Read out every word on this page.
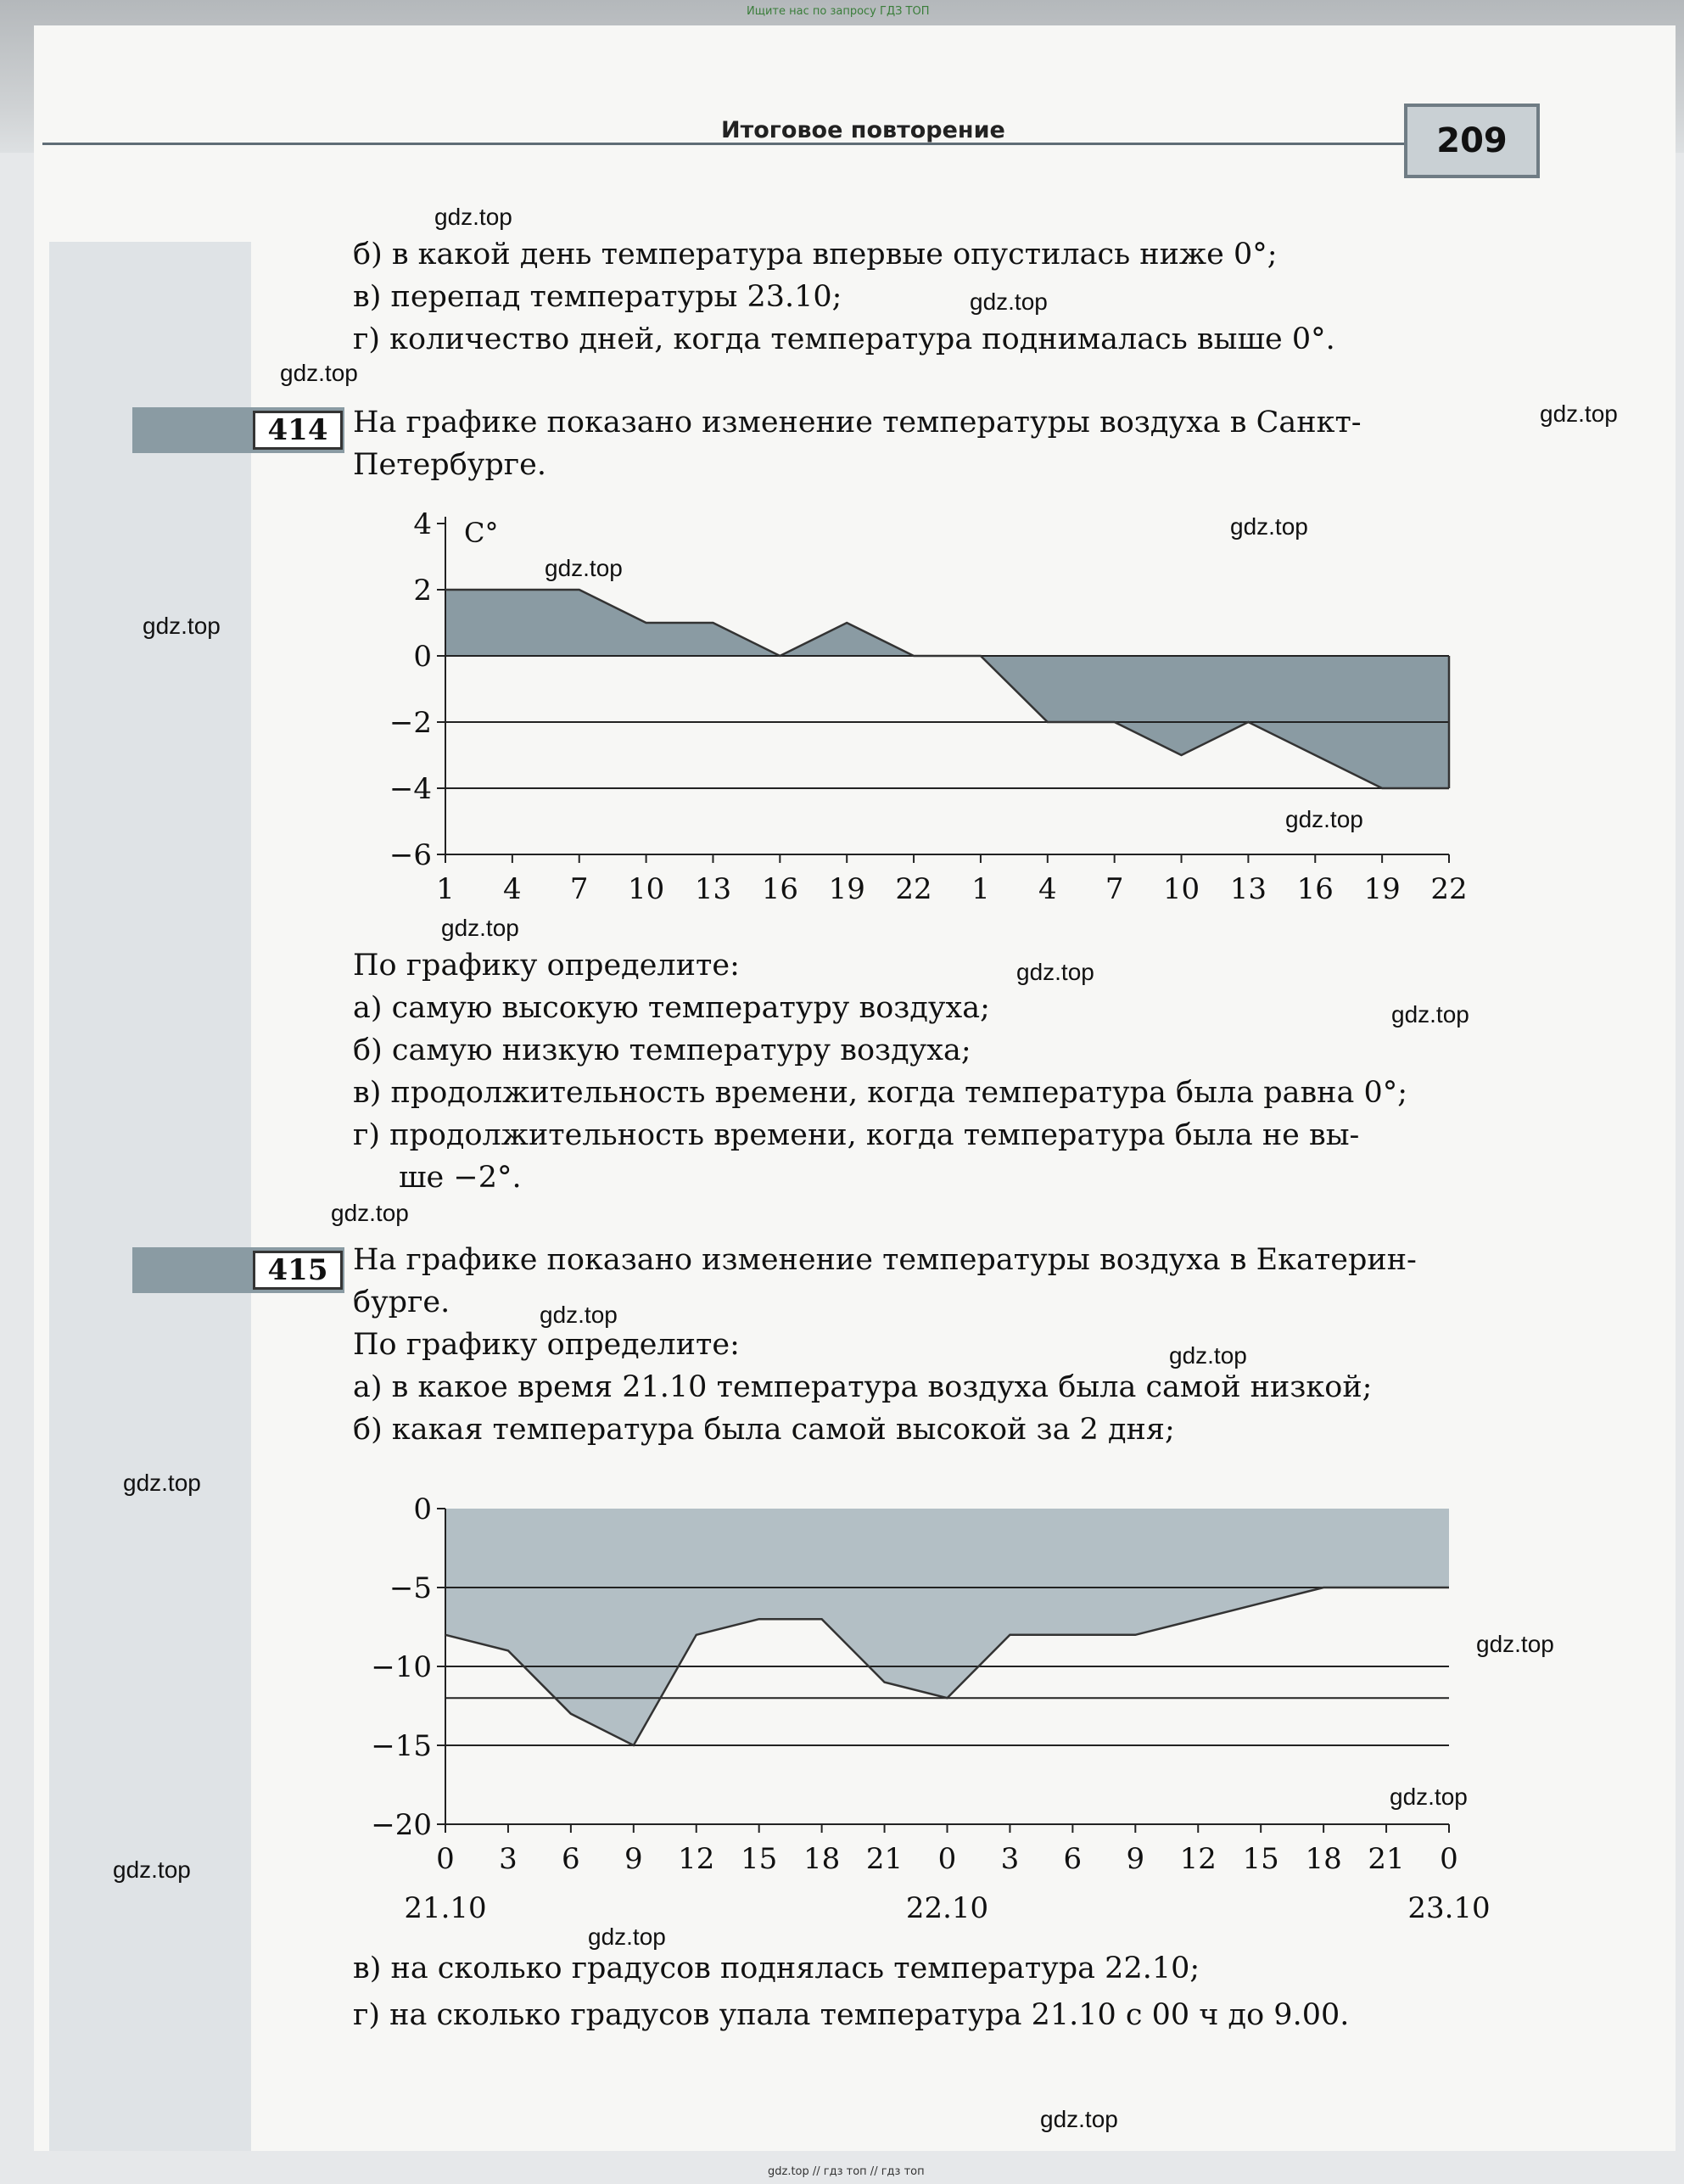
Ищите нас по запросу ГДЗ ТОП
Итоговое повторение	209
б) в какой день температура впервые опустилась ниже 0°;
в) перепад температуры 23.10;
г) количество дней, когда температура поднималась выше 0°.
414 На графике показано изменение температуры воздуха в Санкт-
Петербурге.
4
2
0
−2
−4
−6
C°
1 4 7 10 13 16 19 22 1 4 7 10 13 16 19 22
По графику определите:
а) самую высокую температуру воздуха;
б) самую низкую температуру воздуха;
в) продолжительность времени, когда температура была равна 0°;
г) продолжительность времени, когда температура была не вы-
ше −2°.
415 На графике показано изменение температуры воздуха в Екатерин-
бурге.
По графику определите:
а) в какое время 21.10 температура воздуха была самой низкой;
б) какая температура была самой высокой за 2 дня;
0
−5
−10
−15
−20
0 3 6 9 12 15 18 21 0 3 6 9 12 15 18 21 0
21.10	22.10	23.10
в) на сколько градусов поднялась температура 22.10;
г) на сколько градусов упала температура 21.10 с 00 ч до 9.00.
gdz.top
gdz.top
gdz.top
gdz.top
gdz.top
gdz.top
gdz.top
gdz.top
gdz.top
gdz.top
gdz.top
gdz.top
gdz.top
gdz.top
gdz.top
gdz.top
gdz.top
gdz.top
gdz.top
gdz.top
gdz.top // гдз топ // гдз топ
